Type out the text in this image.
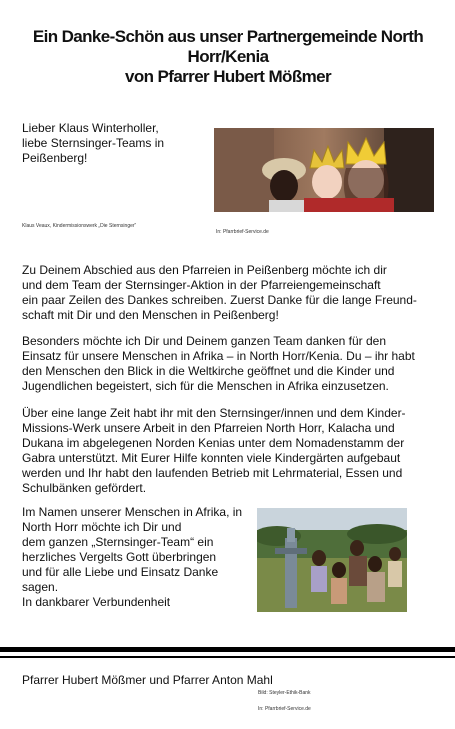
Ein Danke-Schön aus unser Partnergemeinde North
Horr/Kenia
von Pfarrer Hubert Mößmer
Lieber Klaus Winterholler,
liebe Sternsinger-Teams in
Peißenberg!
Klaus Veaux, Kindermissionswerk „Die Sternsinger“
In: Pfarrbrief-Service.de
Zu Deinem Abschied aus den Pfarreien in Peißenberg möchte ich dir
und dem Team der Sternsinger-Aktion in der Pfarreiengemeinschaft
ein paar Zeilen des Dankes schreiben. Zuerst Danke für die lange Freund-
schaft mit Dir und den Menschen in Peißenberg!
Besonders möchte ich Dir und Deinem ganzen Team danken für den
Einsatz für unsere Menschen in Afrika – in North Horr/Kenia. Du – ihr habt
den Menschen den Blick in die Weltkirche geöffnet und die Kinder und
Jugendlichen begeistert, sich für die Menschen in Afrika einzusetzen.
Über eine lange Zeit habt ihr mit den Sternsinger/innen und dem Kinder-
Missions-Werk unsere Arbeit in den Pfarreien North Horr, Kalacha und
Dukana im abgelegenen Norden Kenias unter dem Nomadenstamm der
Gabra unterstützt. Mit Eurer Hilfe konnten viele Kindergärten aufgebaut
werden und Ihr habt den laufenden Betrieb mit Lehrmaterial, Essen und
Schulbänken gefördert.
Im Namen unserer Menschen in Afrika, in
North Horr möchte ich Dir und
dem ganzen „Sternsinger-Team“ ein
herzliches Vergelts Gott überbringen
und für alle Liebe und Einsatz Danke
sagen.
In dankbarer Verbundenheit
Pfarrer Hubert Mößmer und Pfarrer Anton Mahl
Bild: Steyler-Ethik-Bank
In: Pfarrbrief-Service.de
